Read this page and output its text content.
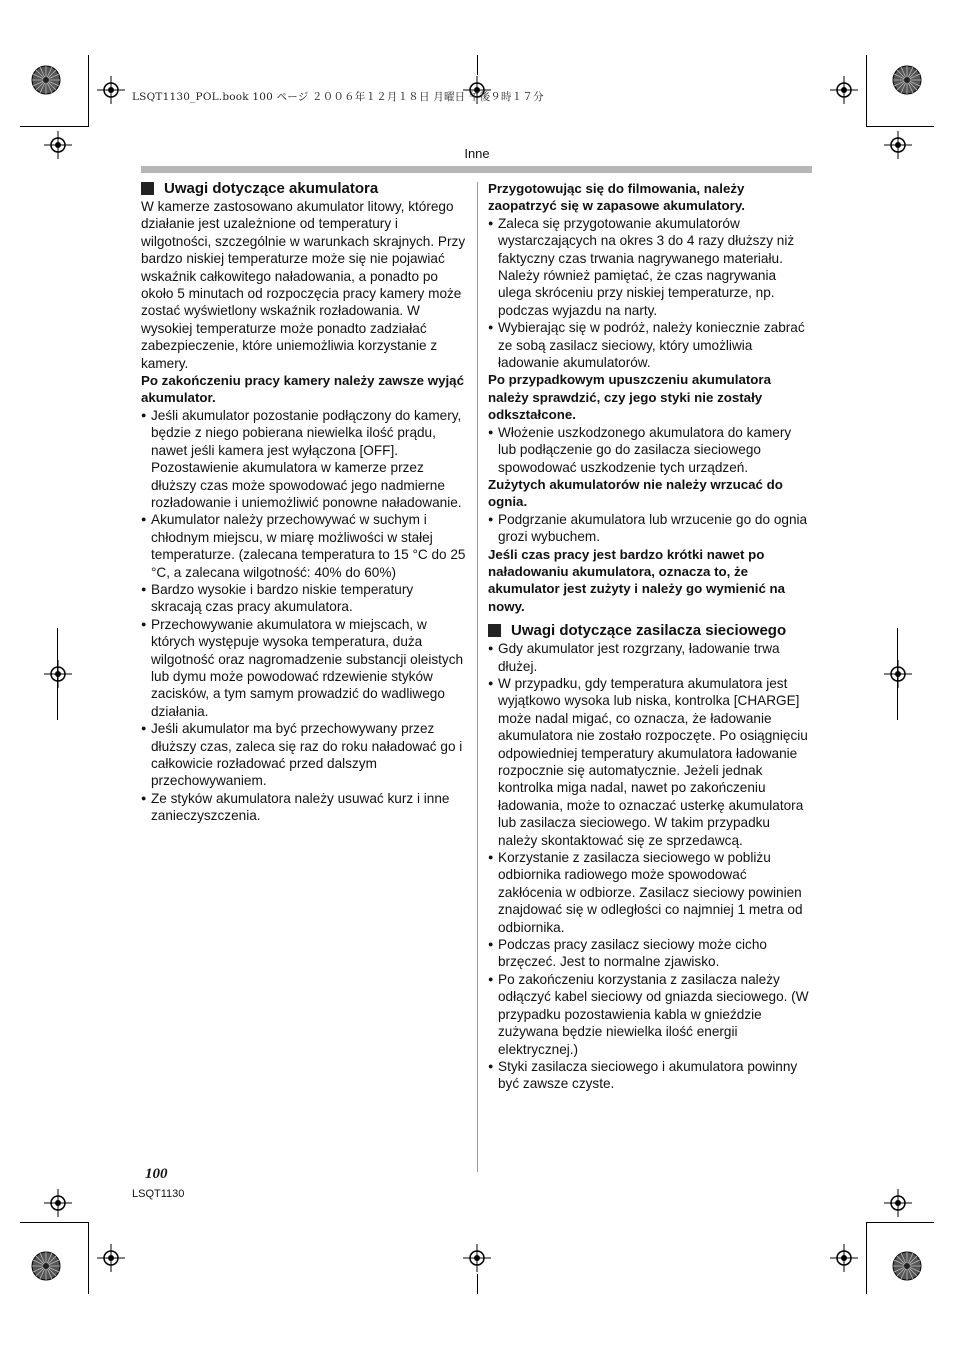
LSQT1130_POL.book 100 ページ ２００６年１２月１８日 月曜日 午後９時１７分
Inne
Uwagi dotyczące akumulatora

W kamerze zastosowano akumulator litowy, którego działanie jest uzależnione od temperatury i wilgotności, szczególnie w warunkach skrajnych. Przy bardzo niskiej temperaturze może się nie pojawiać wskaźnik całkowitego naładowania, a ponadto po około 5 minutach od rozpoczęcia pracy kamery może zostać wyświetlony wskaźnik rozładowania. W wysokiej temperaturze może ponadto zadziałać zabezpieczenie, które uniemożliwia korzystanie z kamery.

Po zakończeniu pracy kamery należy zawsze wyjąć akumulator.

● Jeśli akumulator pozostanie podłączony do kamery, będzie z niego pobierana niewielka ilość prądu, nawet jeśli kamera jest wyłączona [OFF]. Pozostawienie akumulatora w kamerze przez dłuższy czas może spowodować jego nadmierne rozładowanie i uniemożliwić ponowne naładowanie.
● Akumulator należy przechowywać w suchym i chłodnym miejscu, w miarę możliwości w stałej temperaturze. (zalecana temperatura to 15 °C do 25 °C, a zalecana wilgotność: 40% do 60%)
● Bardzo wysokie i bardzo niskie temperatury skracają czas pracy akumulatora.
● Przechowywanie akumulatora w miejscach, w których występuje wysoka temperatura, duża wilgotność oraz nagromadzenie substancji oleistych lub dymu może powodować rdzewienie styków zacisków, a tym samym prowadzić do wadliwego działania.
● Jeśli akumulator ma być przechowywany przez dłuższy czas, zaleca się raz do roku naładować go i całkowicie rozładować przed dalszym przechowywaniem.
● Ze styków akumulatora należy usuwać kurz i inne zanieczyszczenia.

Przygotowując się do filmowania, należy zaopatrzyć się w zapasowe akumulatory.

● Zaleca się przygotowanie akumulatorów wystarczających na okres 3 do 4 razy dłuższy niż faktyczny czas trwania nagrywanego materiału. Należy również pamiętać, że czas nagrywania ulega skróceniu przy niskiej temperaturze, np. podczas wyjazdu na narty.
● Wybierając się w podróż, należy koniecznie zabrać ze sobą zasilacz sieciowy, który umożliwia ładowanie akumulatorów.

Po przypadkowym upuszczeniu akumulatora należy sprawdzić, czy jego styki nie zostały odkształcone.

● Włożenie uszkodzonego akumulatora do kamery lub podłączenie go do zasilacza sieciowego spowodować uszkodzenie tych urządzeń.

Zużytych akumulatorów nie należy wrzucać do ognia.

● Podgrzanie akumulatora lub wrzucenie go do ognia grozi wybuchem.

Jeśli czas pracy jest bardzo krótki nawet po naładowaniu akumulatora, oznacza to, że akumulator jest zużyty i należy go wymienić na nowy.

Uwagi dotyczące zasilacza sieciowego
● Gdy akumulator jest rozgrzany, ładowanie trwa dłużej.
● W przypadku, gdy temperatura akumulatora jest wyjątkowo wysoka lub niska, kontrolka [CHARGE] może nadal migać, co oznacza, że ładowanie akumulatora nie zostało rozpoczęte. Po osiągnięciu odpowiedniej temperatury akumulatora ładowanie rozpocznie się automatycznie. Jeżeli jednak kontrolka miga nadal, nawet po zakończeniu ładowania, może to oznaczać usterkę akumulatora lub zasilacza sieciowego. W takim przypadku należy skontaktować się ze sprzedawcą.
● Korzystanie z zasilacza sieciowego w pobliżu odbiornika radiowego może spowodować zakłócenia w odbiorze. Zasilacz sieciowy powinien znajdować się w odległości co najmniej 1 metra od odbiornika.
● Podczas pracy zasilacz sieciowy może cicho brzęczeć. Jest to normalne zjawisko.
● Po zakończeniu korzystania z zasilacza należy odłączyć kabel sieciowy od gniazda sieciowego. (W przypadku pozostawienia kabla w gnieździe zużywana będzie niewielka ilość energii elektrycznej.)
● Styki zasilacza sieciowego i akumulatora powinny być zawsze czyste.
100
LSQT1130
